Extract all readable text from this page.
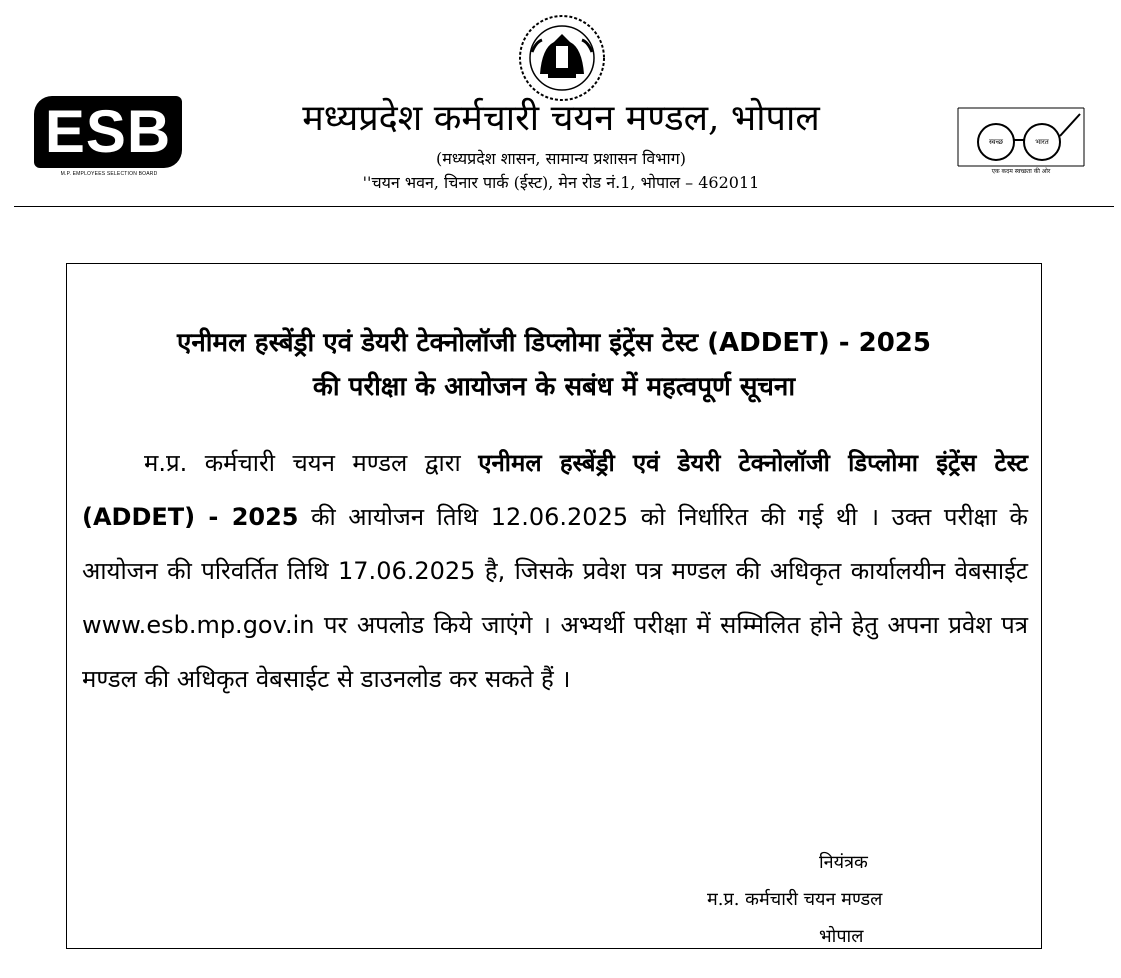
ESB
M.P. EMPLOYEES SELECTION BOARD
मध्यप्रदेश कर्मचारी चयन मण्डल, भोपाल
(मध्यप्रदेश शासन, सामान्य प्रशासन विभाग)
''चयन भवन, चिनार पार्क (ईस्ट), मेन रोड नं.1, भोपाल – 462011
स्वच्छ	भारत
एक कदम स्वच्छता की ओर
एनीमल हस्बेंड्री एवं डेयरी टेक्नोलॉजी डिप्लोमा इंट्रेंस टेस्ट (ADDET) - 2025
की परीक्षा के आयोजन के सबंध में महत्वपूर्ण सूचना
म.प्र. कर्मचारी चयन मण्डल द्वारा एनीमल हस्बेंड्री एवं डेयरी टेक्नोलॉजी डिप्लोमा इंट्रेंस टेस्ट (ADDET) - 2025 की आयोजन तिथि 12.06.2025 को निर्धारित की गई थी । उक्त परीक्षा के आयोजन की परिवर्तित तिथि 17.06.2025 है, जिसके प्रवेश पत्र मण्डल की अधिकृत कार्यालयीन वेबसाईट www.esb.mp.gov.in पर अपलोड किये जाएंगे । अभ्यर्थी परीक्षा में सम्मिलित होने हेतु अपना प्रवेश पत्र मण्डल की अधिकृत वेबसाईट से डाउनलोड कर सकते हैं ।
नियंत्रक
म.प्र. कर्मचारी चयन मण्डल
भोपाल
